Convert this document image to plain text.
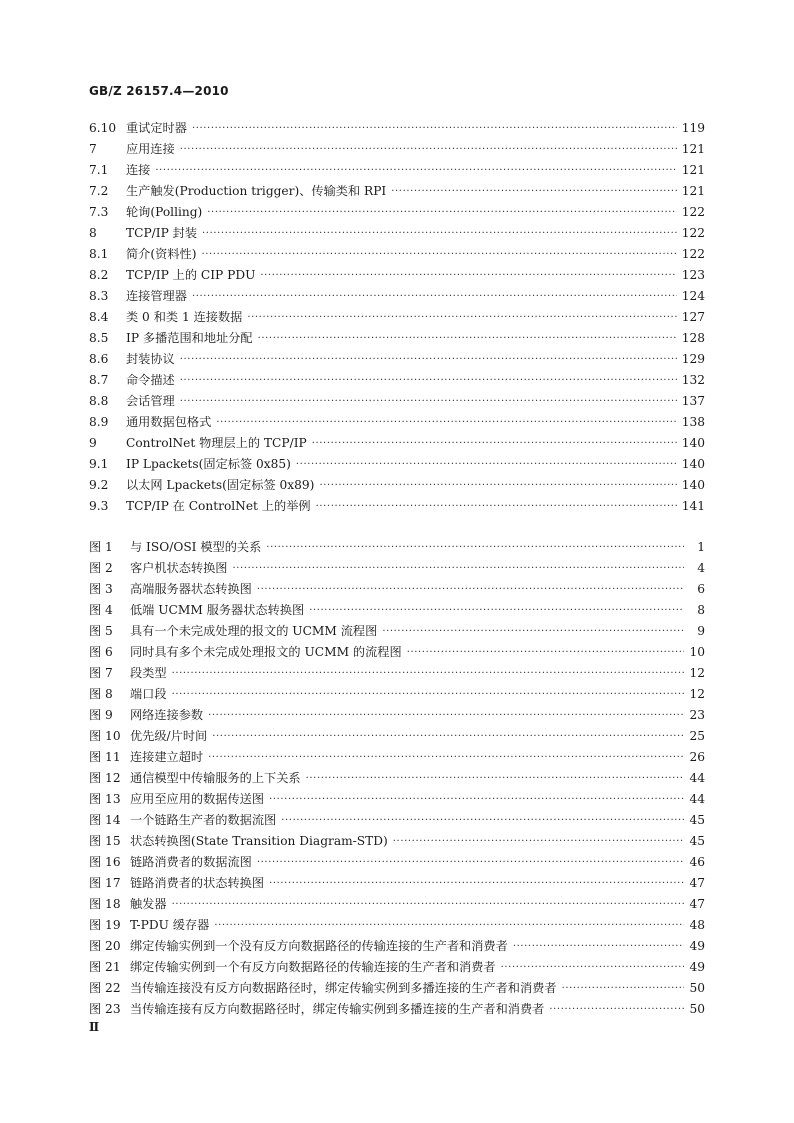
GB/Z 26157.4—2010
6.10 重试定时器 ·····	119
7	应用连接 ·····	121
7.1	连接 ·····	121
7.2	生产触发(Production trigger)、传输类和 RPI ·····	121
7.3	轮询(Polling) ·····	122
8	TCP/IP 封装 ·····	122
8.1	简介(资料性) ·····	122
8.2	TCP/IP 上的 CIP PDU ·····	123
8.3	连接管理器 ·····	124
8.4	类 0 和类 1 连接数据 ·····	127
8.5	IP 多播范围和地址分配 ·····	128
8.6	封装协议 ·····	129
8.7	命令描述 ·····	132
8.8	会话管理 ·····	137
8.9	通用数据包格式 ·····	138
9	ControlNet 物理层上的 TCP/IP ·····	140
9.1	IP Lpackets(固定标签 0x85) ·····	140
9.2	以太网 Lpackets(固定标签 0x89) ·····	140
9.3	TCP/IP 在 ControlNet 上的举例 ·····	141
图 1	与 ISO/OSI 模型的关系 ·····	1
图 2	客户机状态转换图 ·····	4
图 3	高端服务器状态转换图 ·····	6
图 4	低端 UCMM 服务器状态转换图 ·····	8
图 5	具有一个未完成处理的报文的 UCMM 流程图 ·····	9
图 6	同时具有多个未完成处理报文的 UCMM 的流程图 ·····	10
图 7	段类型 ·····	12
图 8	端口段 ·····	12
图 9	网络连接参数 ·····	23
图 10 优先级/片时间 ·····	25
图 11 连接建立超时 ·····	26
图 12 通信模型中传输服务的上下关系 ·····	44
图 13 应用至应用的数据传送图 ·····	44
图 14 一个链路生产者的数据流图 ·····	45
图 15 状态转换图(State Transition Diagram-STD) ·····	45
图 16 链路消费者的数据流图 ·····	46
图 17 链路消费者的状态转换图 ·····	47
图 18 触发器 ·····	47
图 19 T-PDU 缓存器 ·····	48
图 20 绑定传输实例到一个没有反方向数据路径的传输连接的生产者和消费者 ·····	49
图 21 绑定传输实例到一个有反方向数据路径的传输连接的生产者和消费者 ·····	49
图 22 当传输连接没有反方向数据路径时，绑定传输实例到多播连接的生产者和消费者 ·····	50
图 23 当传输连接有反方向数据路径时，绑定传输实例到多播连接的生产者和消费者 ·····	50
Ⅱ
